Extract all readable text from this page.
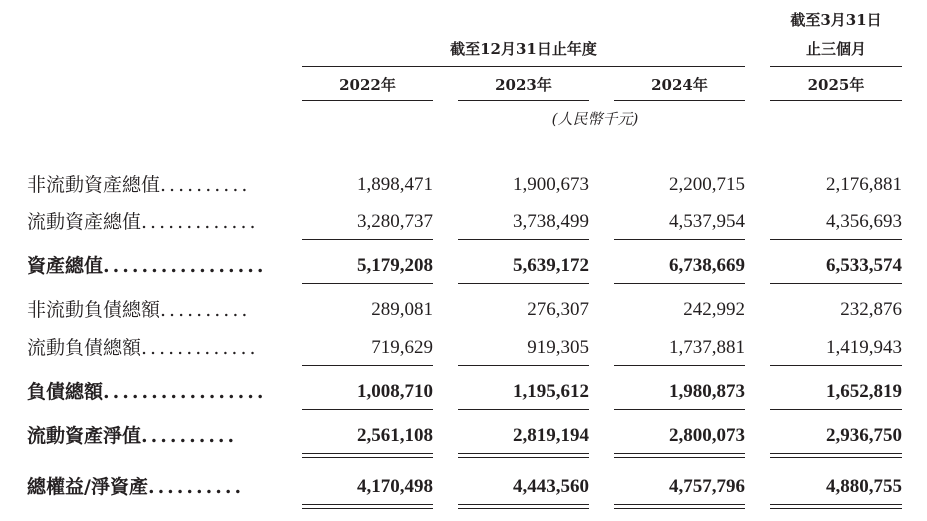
截至3月31日
止三個月
截至12月31日止年度
2022年	2023年	2024年	2025年
(人民幣千元)
非流動資產總值..........	1,898,471	1,900,673	2,200,715	2,176,881
流動資產總值.............	3,280,737	3,738,499	4,537,954	4,356,693
資產總值.................	5,179,208	5,639,172	6,738,669	6,533,574
非流動負債總額..........	289,081	276,307	242,992	232,876
流動負債總額.............	719,629	919,305	1,737,881	1,419,943
負債總額.................	1,008,710	1,195,612	1,980,873	1,652,819
流動資產淨值..........	2,561,108	2,819,194	2,800,073	2,936,750
總權益/淨資產..........	4,170,498	4,443,560	4,757,796	4,880,755
